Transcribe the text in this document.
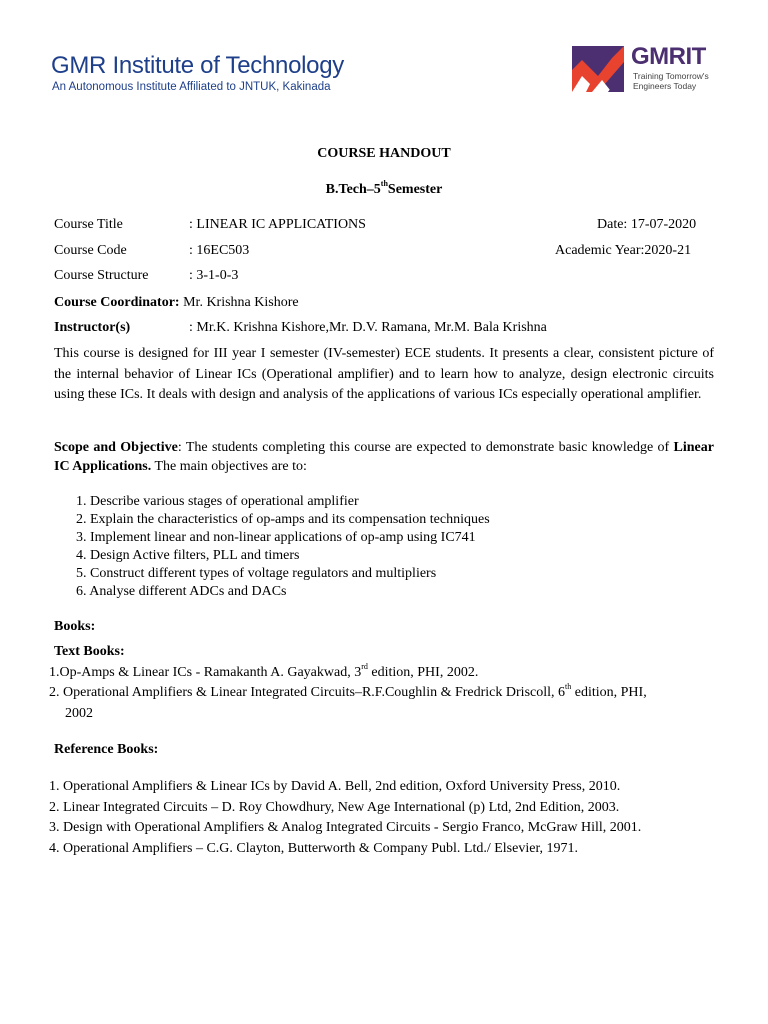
GMR Institute of Technology
An Autonomous Institute Affiliated to JNTUK, Kakinada
GMRIT
Training Tomorrow's
Engineers Today
COURSE HANDOUT
B.Tech–5thSemester
Course Title	: LINEAR IC APPLICATIONS	Date: 17-07-2020
Course Code	: 16EC503	Academic Year:2020-21
Course Structure	: 3-1-0-3
Course Coordinator: Mr. Krishna Kishore
Instructor(s)	: Mr.K. Krishna Kishore,Mr. D.V. Ramana, Mr.M. Bala Krishna
This course is designed for III year I semester (IV-semester) ECE students. It presents a clear, consistent picture of the internal behavior of Linear ICs (Operational amplifier) and to learn how to analyze, design electronic circuits using these ICs. It deals with design and analysis of the applications of various ICs especially operational amplifier.
Scope and Objective: The students completing this course are expected to demonstrate basic knowledge of Linear IC Applications. The main objectives are to:
1. Describe various stages of operational amplifier
2. Explain the characteristics of op-amps and its compensation techniques
3. Implement linear and non-linear applications of op-amp using IC741
4. Design Active filters, PLL and timers
5. Construct different types of voltage regulators and multipliers
6. Analyse different ADCs and DACs
Books:
Text Books:
1.Op-Amps & Linear ICs - Ramakanth A. Gayakwad, 3rd edition, PHI, 2002.
2. Operational Amplifiers & Linear Integrated Circuits–R.F.Coughlin & Fredrick Driscoll, 6th edition, PHI,
2002
Reference Books:
1. Operational Amplifiers & Linear ICs by David A. Bell, 2nd edition, Oxford University Press, 2010.
2. Linear Integrated Circuits – D. Roy Chowdhury, New Age International (p) Ltd, 2nd Edition, 2003.
3. Design with Operational Amplifiers & Analog Integrated Circuits - Sergio Franco, McGraw Hill, 2001.
4. Operational Amplifiers – C.G. Clayton, Butterworth & Company Publ. Ltd./ Elsevier, 1971.
